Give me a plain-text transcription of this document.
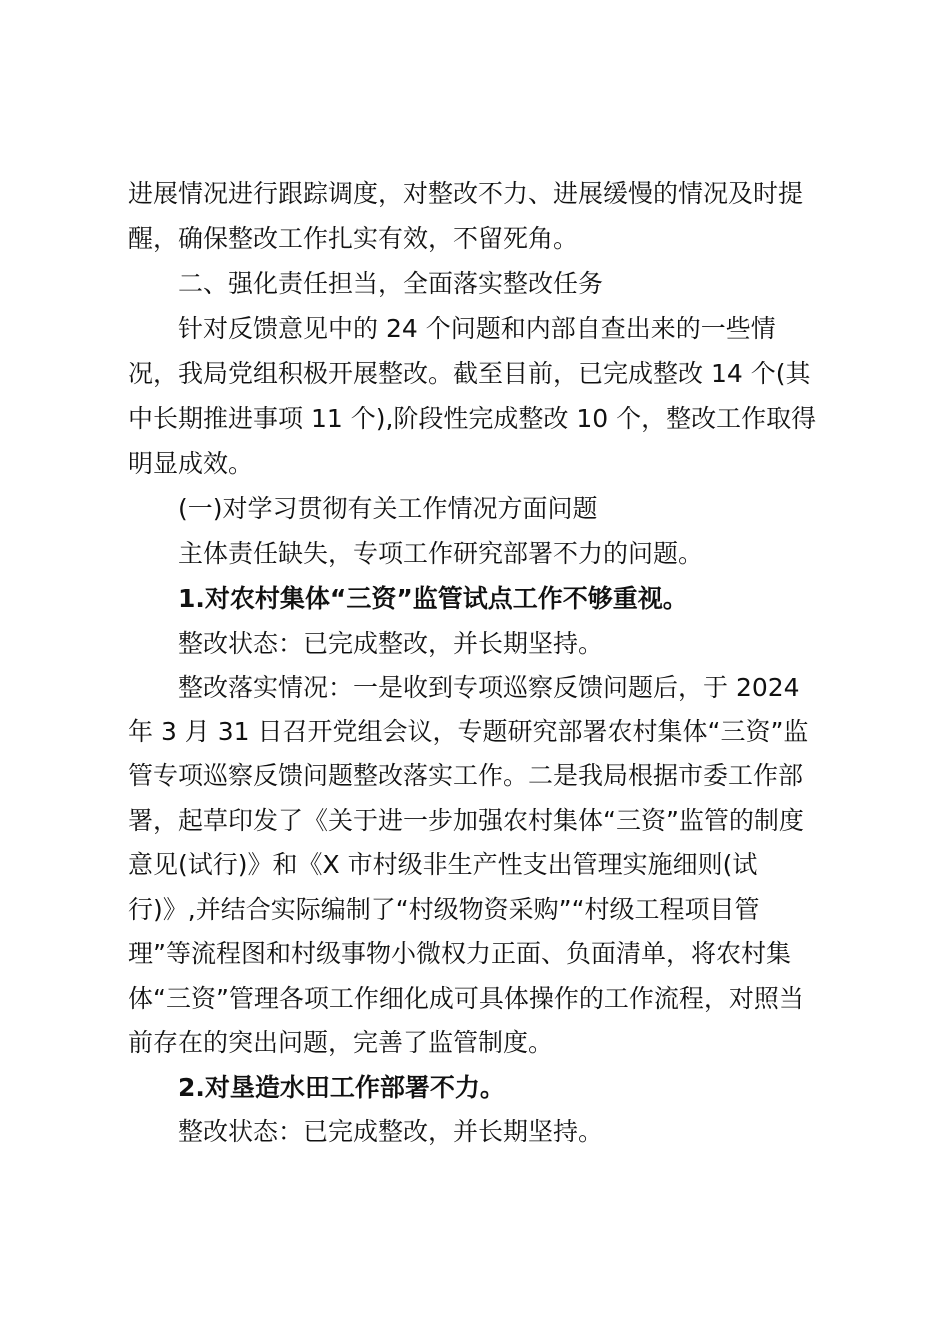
进展情况进行跟踪调度，对整改不力、进展缓慢的情况及时提
醒，确保整改工作扎实有效，不留死角。
二、强化责任担当，全面落实整改任务
针对反馈意见中的 24 个问题和内部自查出来的一些情
况，我局党组积极开展整改。截至目前，已完成整改 14 个(其
中长期推进事项 11 个),阶段性完成整改 10 个，整改工作取得
明显成效。
(一)对学习贯彻有关工作情况方面问题
主体责任缺失，专项工作研究部署不力的问题。
1.对农村集体“三资”监管试点工作不够重视。
整改状态：已完成整改，并长期坚持。
整改落实情况：一是收到专项巡察反馈问题后，于 2024
年 3 月 31 日召开党组会议，专题研究部署农村集体“三资”监
管专项巡察反馈问题整改落实工作。二是我局根据市委工作部
署，起草印发了《关于进一步加强农村集体“三资”监管的制度
意见(试行)》和《X 市村级非生产性支出管理实施细则(试
行)》,并结合实际编制了“村级物资采购”“村级工程项目管
理”等流程图和村级事物小微权力正面、负面清单，将农村集
体“三资”管理各项工作细化成可具体操作的工作流程，对照当
前存在的突出问题，完善了监管制度。
2.对垦造水田工作部署不力。
整改状态：已完成整改，并长期坚持。
